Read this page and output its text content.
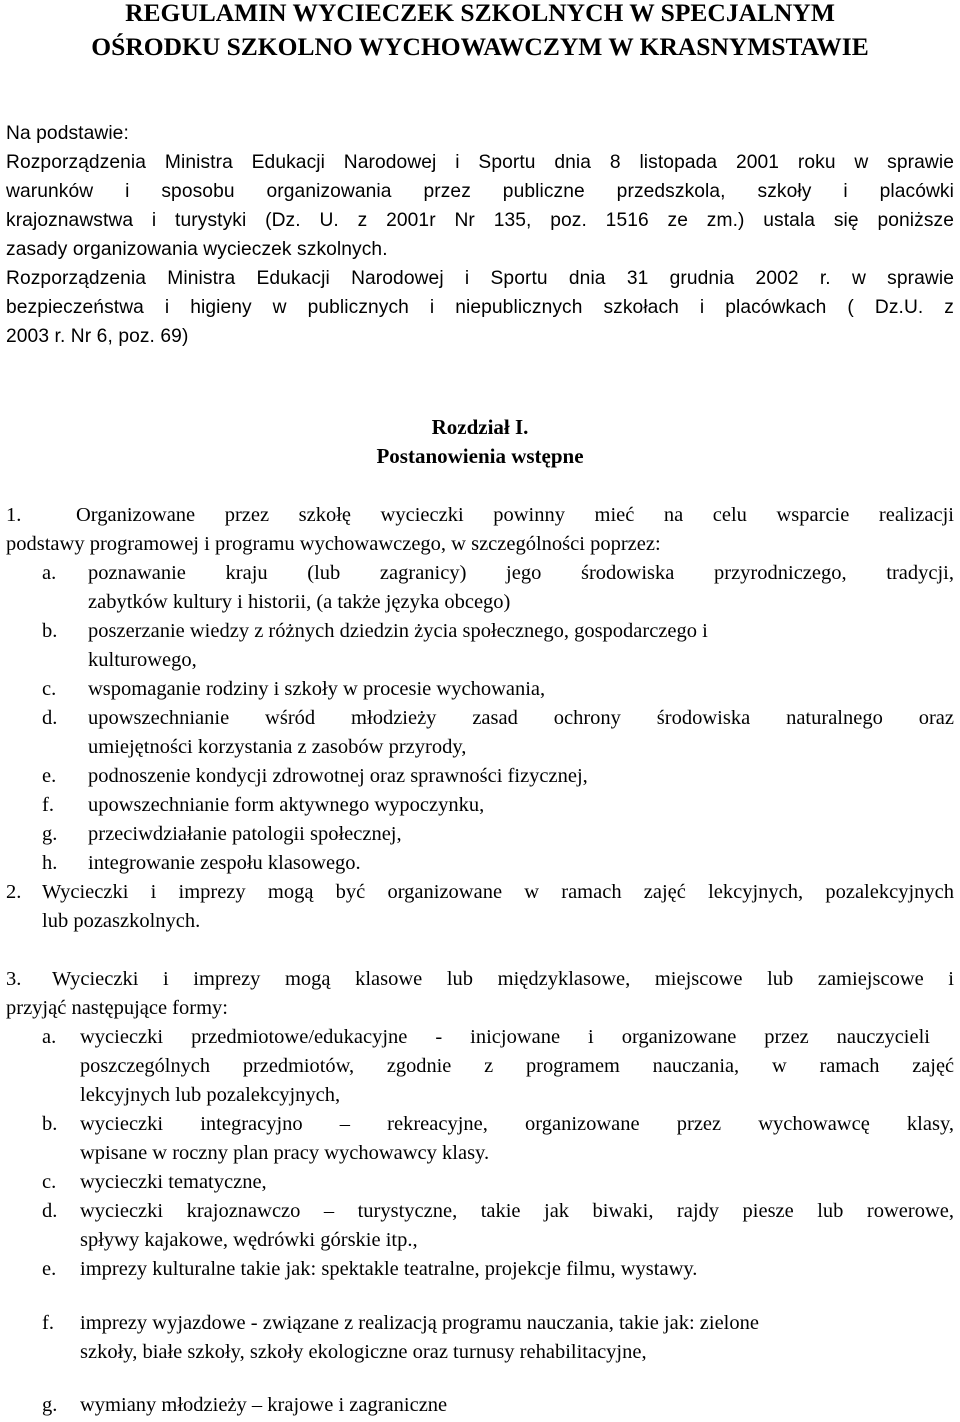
REGULAMIN WYCIECZEK SZKOLNYCH W SPECJALNYM
OŚRODKU SZKOLNO WYCHOWAWCZYM W KRASNYMSTAWIE
Na podstawie:
Rozporządzenia Ministra Edukacji Narodowej i Sportu dnia 8 listopada 2001 roku w sprawie
warunków i sposobu organizowania przez publiczne przedszkola, szkoły i placówki
krajoznawstwa i turystyki (Dz. U. z 2001r Nr 135, poz. 1516 ze zm.) ustala się poniższe
zasady organizowania wycieczek szkolnych.
Rozporządzenia Ministra Edukacji Narodowej i Sportu dnia 31 grudnia 2002 r. w sprawie
bezpieczeństwa i higieny w publicznych i niepublicznych szkołach i placówkach ( Dz.U. z
2003 r. Nr 6, poz. 69)
Rozdział I.
Postanowienia wstępne
1.	Organizowane przez szkołę wycieczki powinny mieć na celu wsparcie realizacji
podstawy programowej i programu wychowawczego, w szczególności poprzez:
a. poznawanie kraju (lub zagranicy) jego środowiska przyrodniczego, tradycji,
zabytków kultury i historii, (a także języka obcego)
b. poszerzanie wiedzy z różnych dziedzin życia społecznego, gospodarczego i
kulturowego,
c. wspomaganie rodziny i szkoły w procesie wychowania,
d. upowszechnianie wśród młodzieży zasad ochrony środowiska naturalnego oraz
umiejętności korzystania z zasobów przyrody,
e. podnoszenie kondycji zdrowotnej oraz sprawności fizycznej,
f. upowszechnianie form aktywnego wypoczynku,
g. przeciwdziałanie patologii społecznej,
h. integrowanie zespołu klasowego.
2. Wycieczki i imprezy mogą być organizowane w ramach zajęć lekcyjnych, pozalekcyjnych
lub pozaszkolnych.
3. Wycieczki i imprezy mogą klasowe lub międzyklasowe, miejscowe lub zamiejscowe i
przyjąć następujące formy:
a. wycieczki przedmiotowe/edukacyjne - inicjowane i organizowane przez nauczycieli
poszczególnych przedmiotów, zgodnie z programem nauczania, w ramach zajęć
lekcyjnych lub pozalekcyjnych,
b. wycieczki integracyjno – rekreacyjne, organizowane przez wychowawcę klasy,
wpisane w roczny plan pracy wychowawcy klasy.
c. wycieczki tematyczne,
d. wycieczki krajoznawczo – turystyczne, takie jak biwaki, rajdy piesze lub rowerowe,
spływy kajakowe, wędrówki górskie itp.,
e. imprezy kulturalne takie jak: spektakle teatralne, projekcje filmu, wystawy.
f. imprezy wyjazdowe - związane z realizacją programu nauczania, takie jak: zielone
szkoły, białe szkoły, szkoły ekologiczne oraz turnusy rehabilitacyjne,
g. wymiany młodzieży – krajowe i zagraniczne
